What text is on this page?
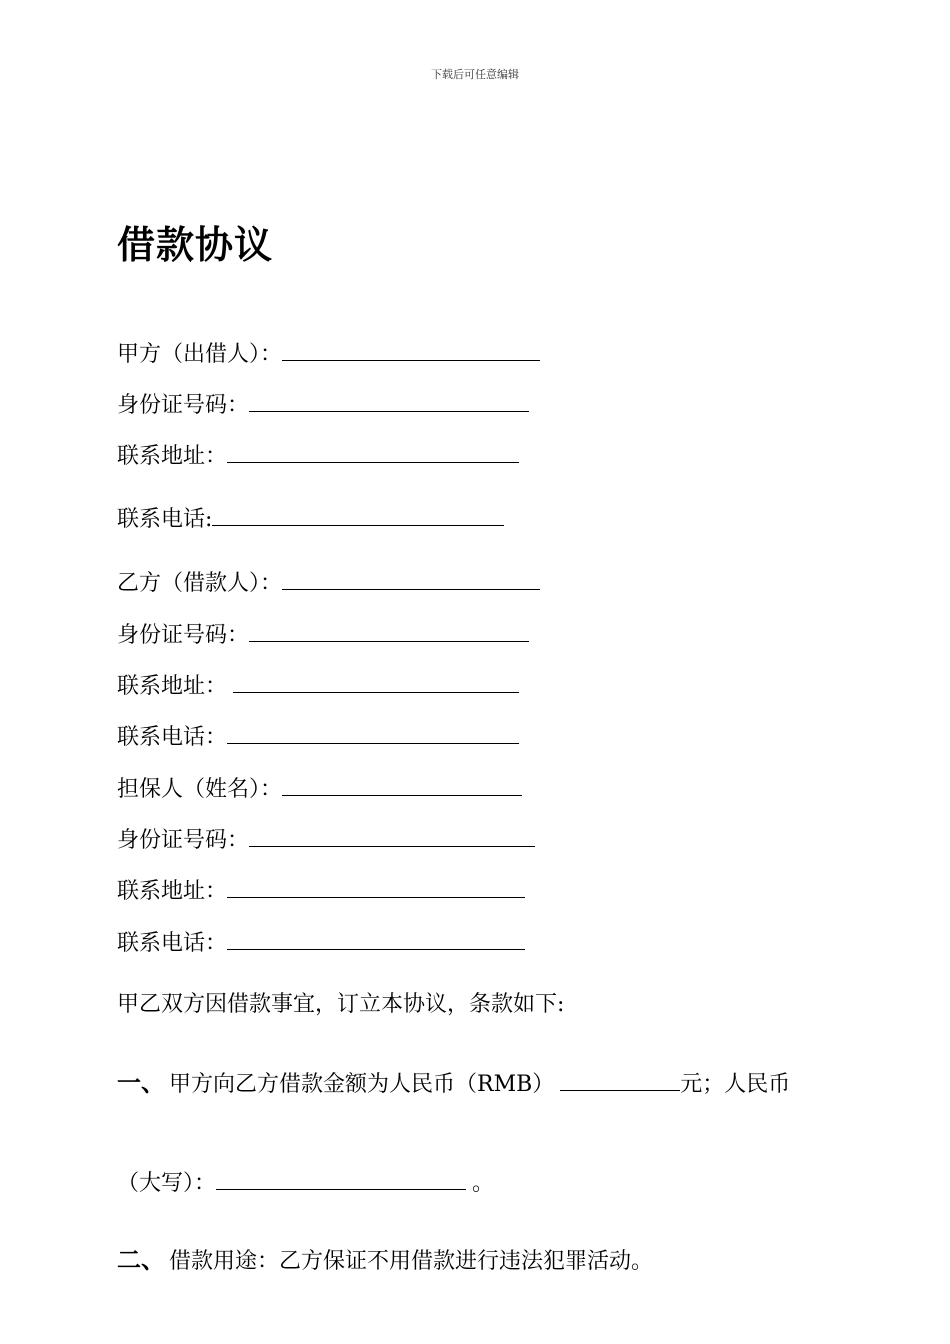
下载后可任意编辑
借款协议
甲方（出借人）：
身份证号码：
联系地址：
联系电话:
乙方（借款人）：
身份证号码：
联系地址：
联系电话：
担保人（姓名）：
身份证号码：
联系地址：
联系电话：
甲乙双方因借款事宜，订立本协议，条款如下:
一、 甲方向乙方借款金额为人民币（RMB）	元；人民币
（大写）：	。
二、 借款用途：乙方保证不用借款进行违法犯罪活动。
